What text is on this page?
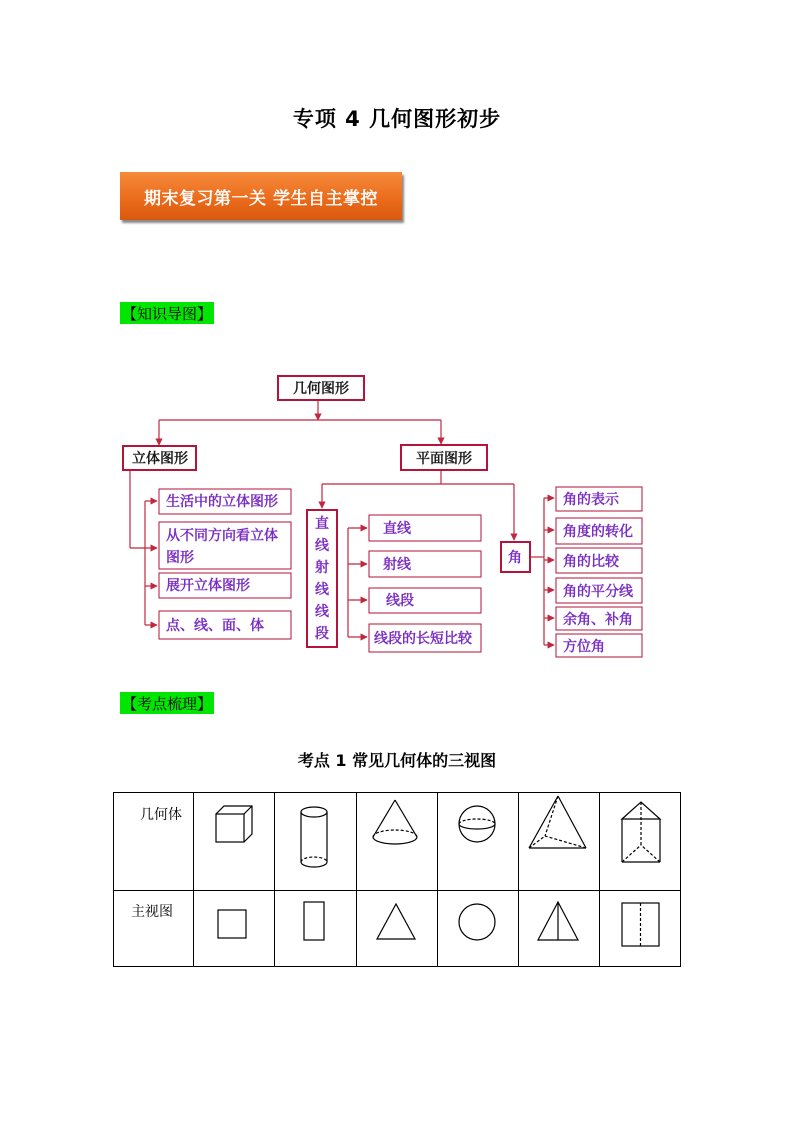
专项 4 几何图形初步
期末复习第一关 学生自主掌控
【知识导图】
几何图形
立体图形	平面图形
角
直
线
射
线
线
段
生活中的立体图形
从不同方向看立体
图形
展开立体图形
点、线、面、体
直线
射线
线段
线段的长短比较
角的表示
角度的转化
角的比较
角的平分线
余角、补角
方位角
【考点梳理】
考点 1 常见几何体的三视图
几何体
主视图
